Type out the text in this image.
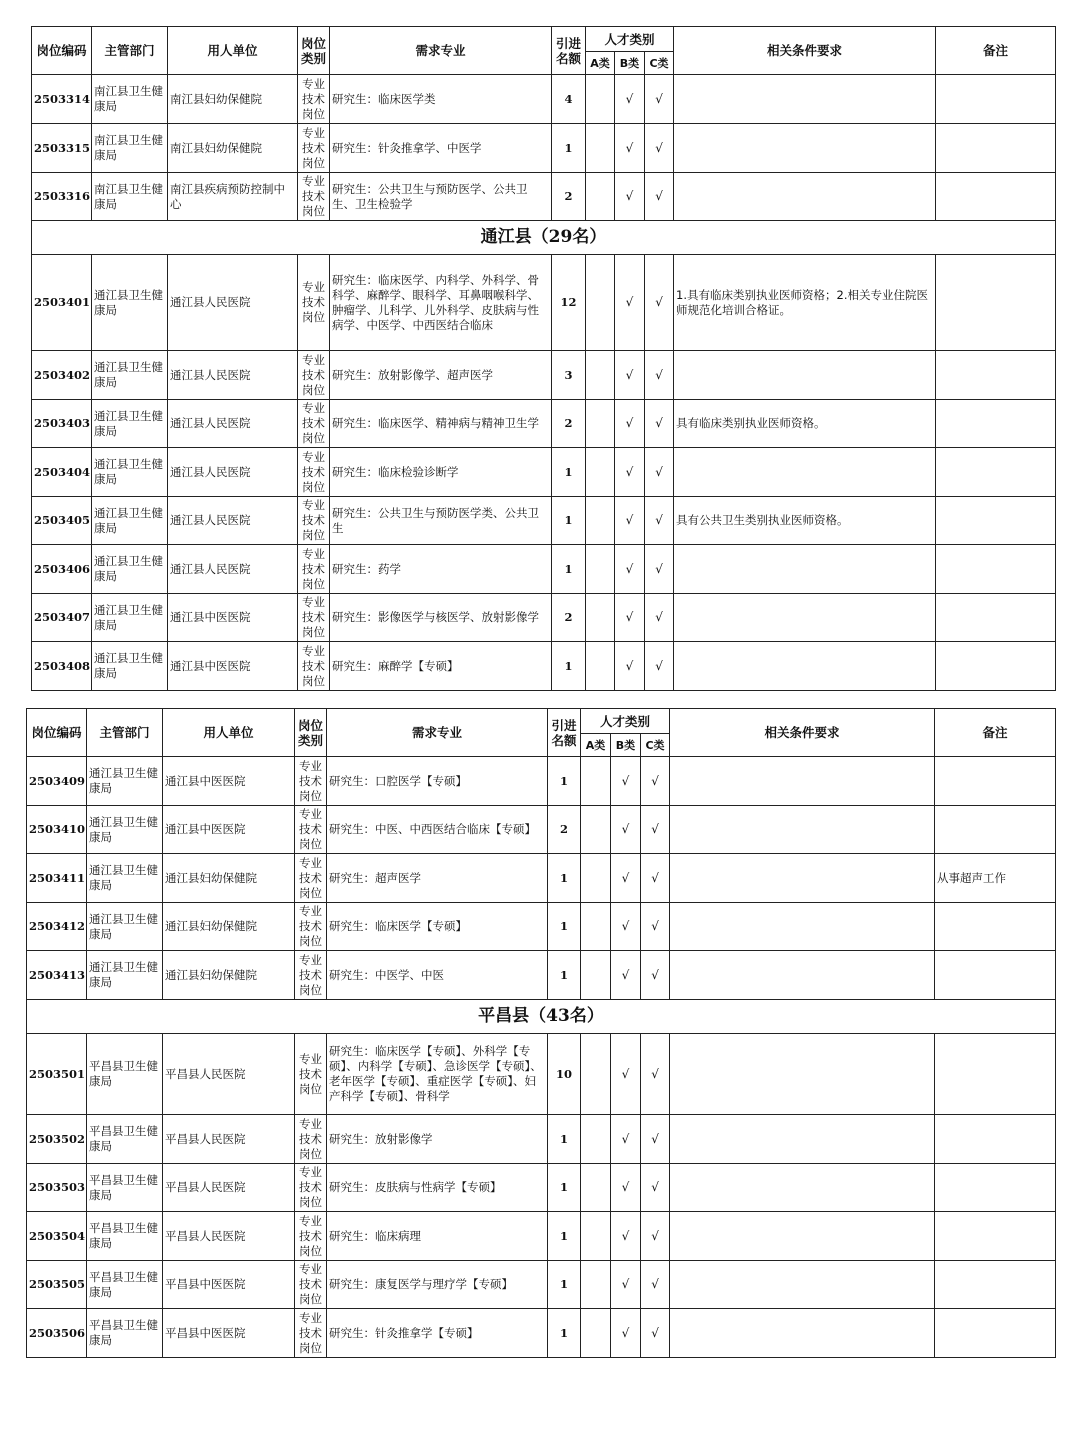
岗位编码	主管部门	用人单位	岗位类别	需求专业	引进名额	人才类别			相关条件要求	备注
						A类	B类	C类		
2503314	南江县卫生健康局	南江县妇幼保健院	专业技术岗位	研究生：临床医学类	4		√	√		
2503315	南江县卫生健康局	南江县妇幼保健院	专业技术岗位	研究生：针灸推拿学、中医学	1		√	√		
2503316	南江县卫生健康局	南江县疾病预防控制中心	专业技术岗位	研究生：公共卫生与预防医学、公共卫生、卫生检验学	2		√	√		
通江县（29名）										
2503401	通江县卫生健康局	通江县人民医院	专业技术岗位	研究生：临床医学、内科学、外科学、骨科学、麻醉学、眼科学、耳鼻咽喉科学、肿瘤学、儿科学、儿外科学、皮肤病与性病学、中医学、中西医结合临床	12		√	√	1.具有临床类别执业医师资格；2.相关专业住院医师规范化培训合格证。	
2503402	通江县卫生健康局	通江县人民医院	专业技术岗位	研究生：放射影像学、超声医学	3		√	√		
2503403	通江县卫生健康局	通江县人民医院	专业技术岗位	研究生：临床医学、精神病与精神卫生学	2		√	√	具有临床类别执业医师资格。	
2503404	通江县卫生健康局	通江县人民医院	专业技术岗位	研究生：临床检验诊断学	1		√	√		
2503405	通江县卫生健康局	通江县人民医院	专业技术岗位	研究生：公共卫生与预防医学类、公共卫生	1		√	√	具有公共卫生类别执业医师资格。	
2503406	通江县卫生健康局	通江县人民医院	专业技术岗位	研究生：药学	1		√	√		
2503407	通江县卫生健康局	通江县中医医院	专业技术岗位	研究生：影像医学与核医学、放射影像学	2		√	√		
2503408	通江县卫生健康局	通江县中医医院	专业技术岗位	研究生：麻醉学【专硕】	1		√	√		
岗位编码	主管部门	用人单位	岗位类别	需求专业	引进名额	人才类别			相关条件要求	备注
						A类	B类	C类		
2503409	通江县卫生健康局	通江县中医医院	专业技术岗位	研究生：口腔医学【专硕】	1		√	√		
2503410	通江县卫生健康局	通江县中医医院	专业技术岗位	研究生：中医、中西医结合临床【专硕】	2		√	√		
2503411	通江县卫生健康局	通江县妇幼保健院	专业技术岗位	研究生：超声医学	1		√	√		从事超声工作
2503412	通江县卫生健康局	通江县妇幼保健院	专业技术岗位	研究生：临床医学【专硕】	1		√	√		
2503413	通江县卫生健康局	通江县妇幼保健院	专业技术岗位	研究生：中医学、中医	1		√	√		
平昌县（43名）										
2503501	平昌县卫生健康局	平昌县人民医院	专业技术岗位	研究生：临床医学【专硕】、外科学【专硕】、内科学【专硕】、急诊医学【专硕】、老年医学【专硕】、重症医学【专硕】、妇产科学【专硕】、骨科学	10		√	√		
2503502	平昌县卫生健康局	平昌县人民医院	专业技术岗位	研究生：放射影像学	1		√	√		
2503503	平昌县卫生健康局	平昌县人民医院	专业技术岗位	研究生：皮肤病与性病学【专硕】	1		√	√		
2503504	平昌县卫生健康局	平昌县人民医院	专业技术岗位	研究生：临床病理	1		√	√		
2503505	平昌县卫生健康局	平昌县中医医院	专业技术岗位	研究生：康复医学与理疗学【专硕】	1		√	√		
2503506	平昌县卫生健康局	平昌县中医医院	专业技术岗位	研究生：针灸推拿学【专硕】	1		√	√		
